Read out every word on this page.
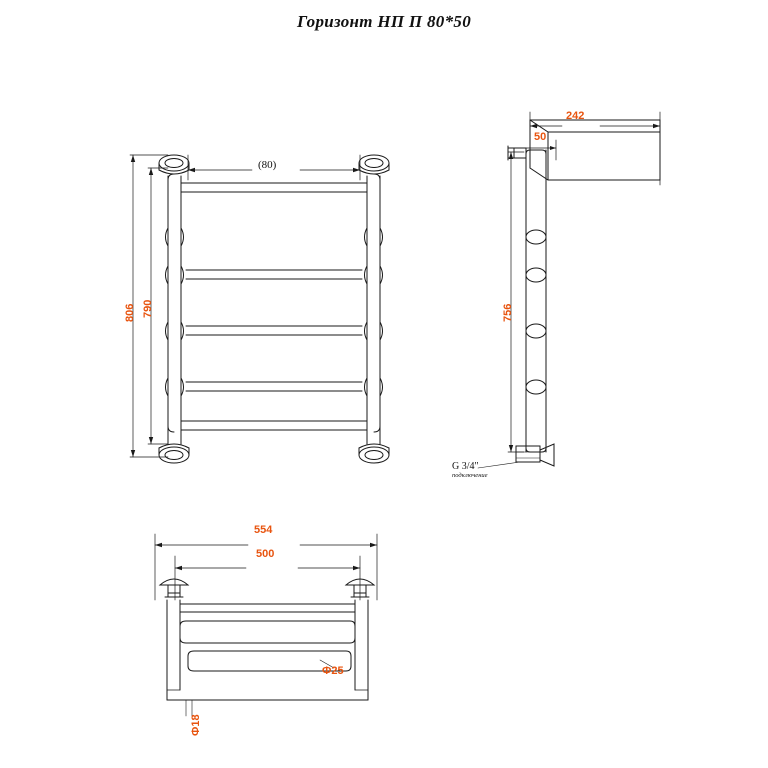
Горизонт НП П 80*50
806 790
(80)
242
50
756
G 3/4"
подключение
554
500
Ф25
Ф18
